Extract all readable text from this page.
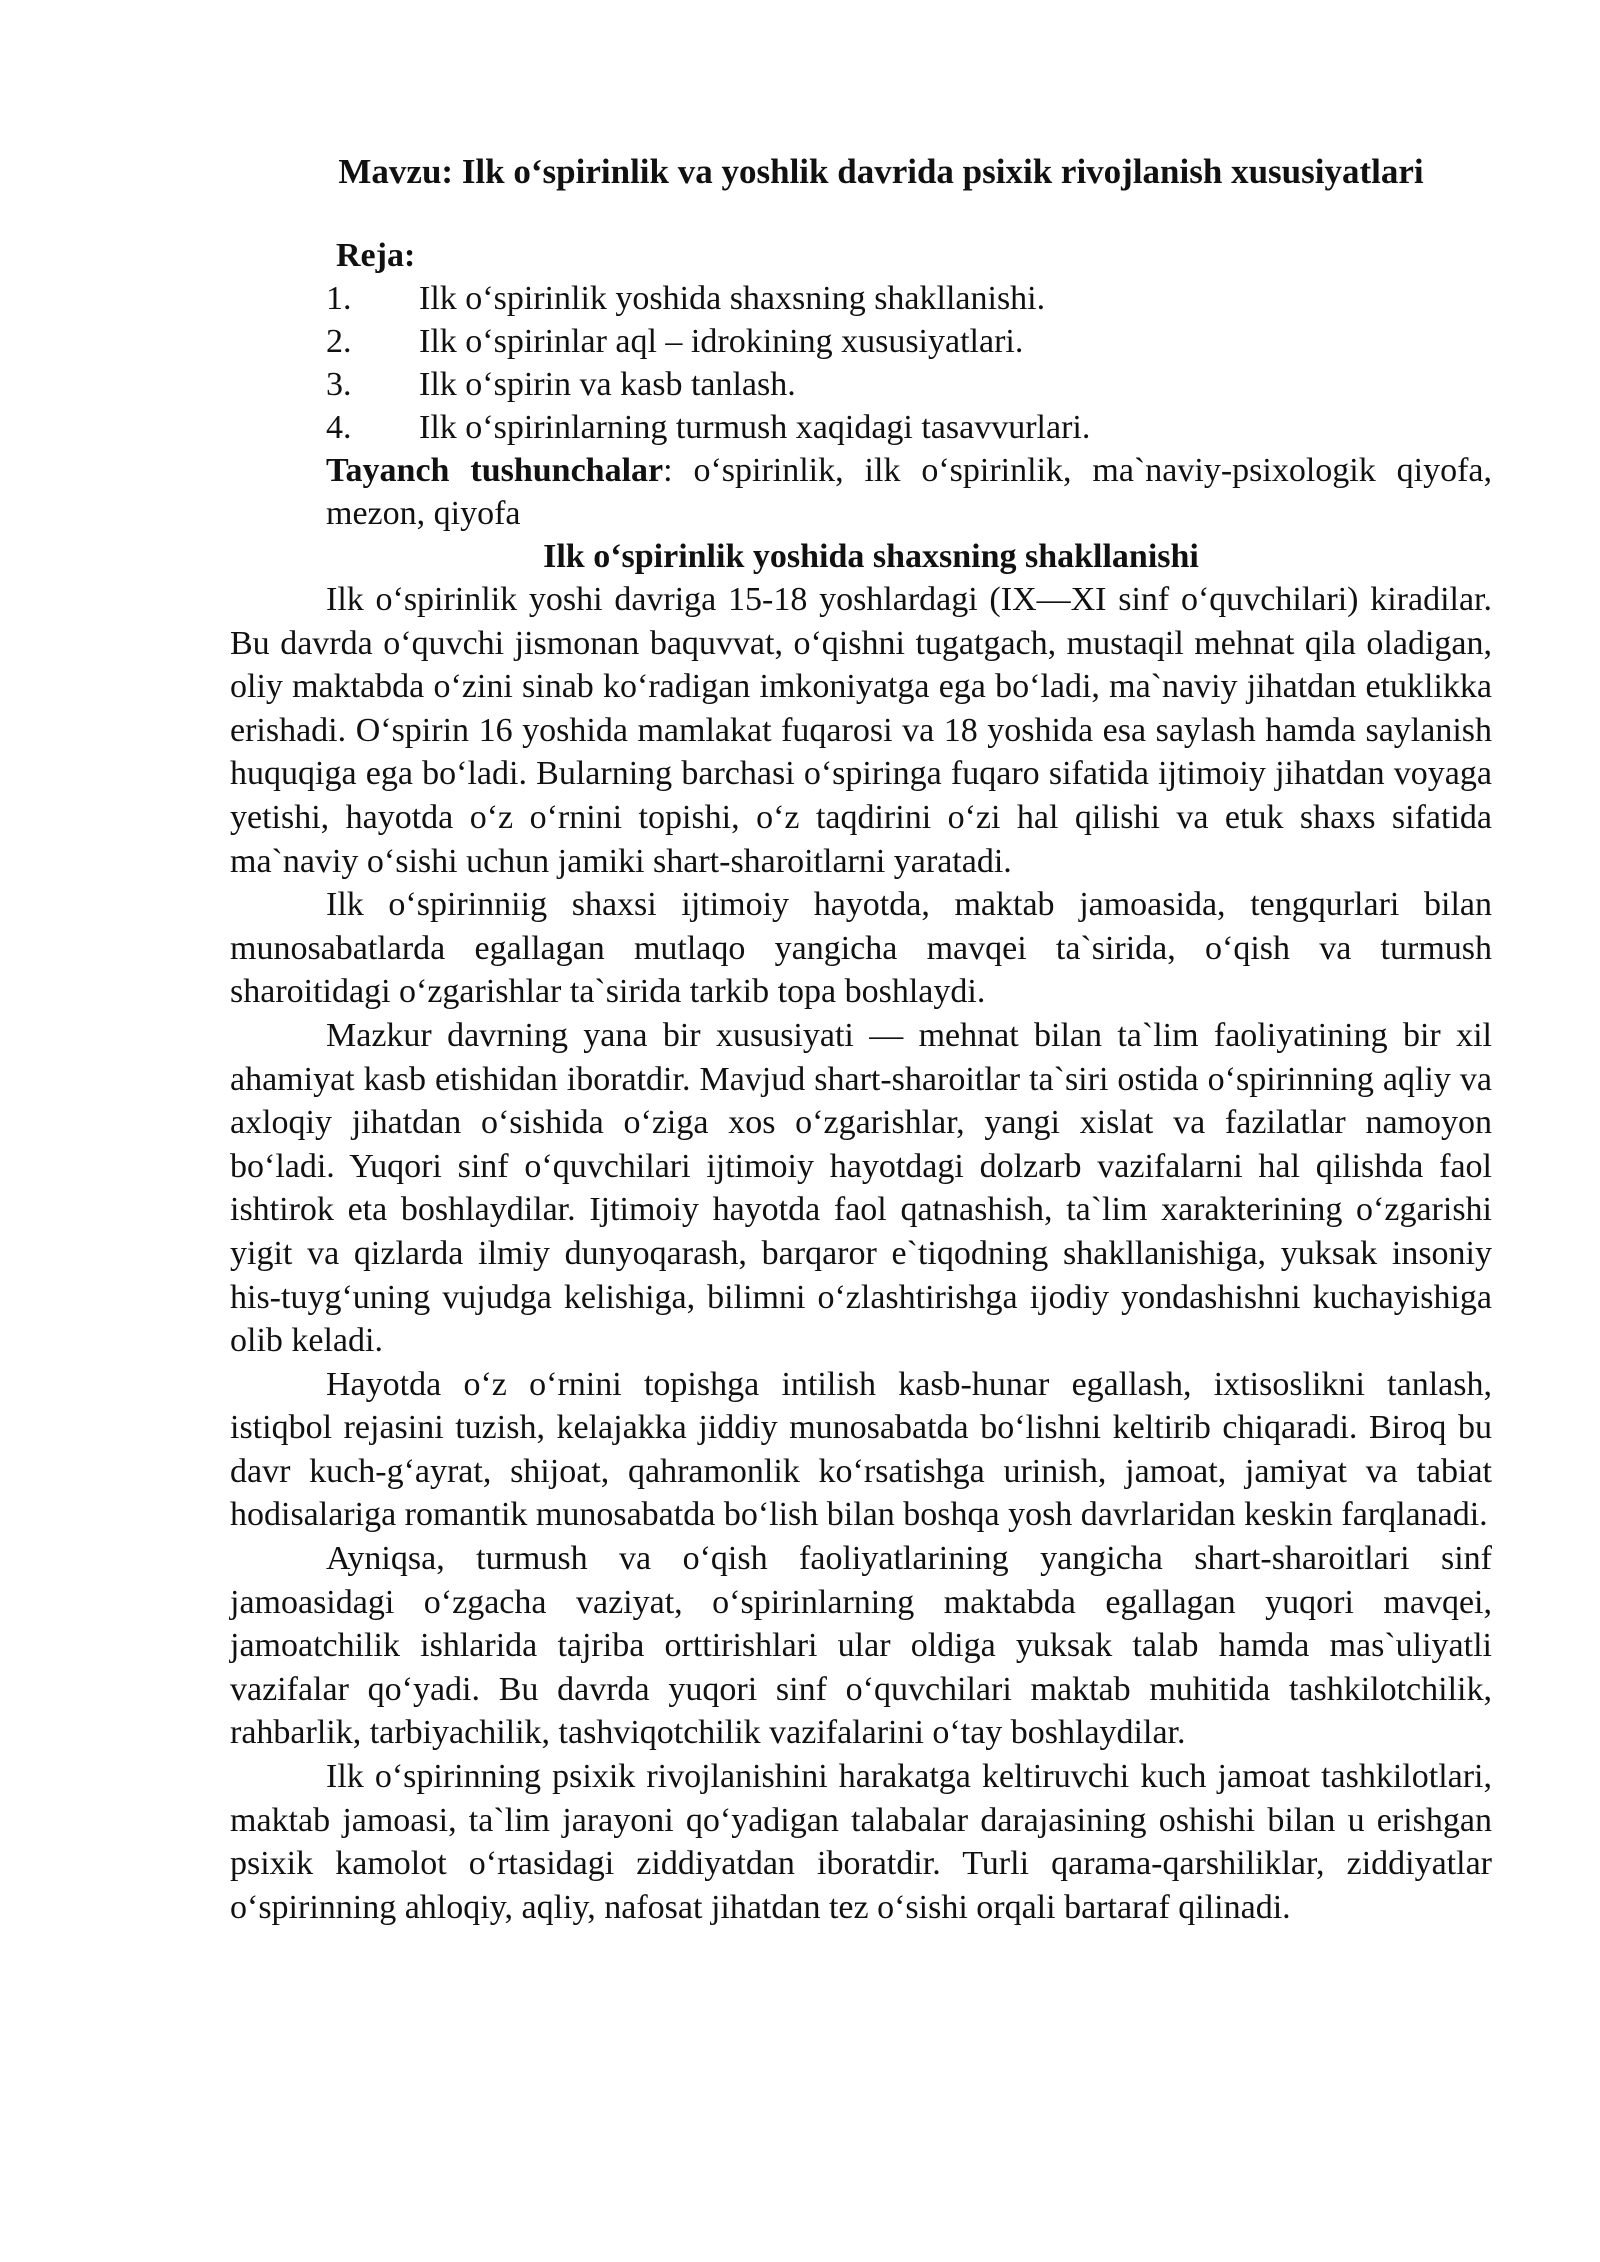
Mavzu: Ilk o‘spirinlik va yoshlik davrida psixik rivojlanish xususiyatlari
Reja:
1.	Ilk o‘spirinlik yoshida shaxsning shakllanishi.
2.	Ilk o‘spirinlar aql – idrokining xususiyatlari.
3.	Ilk o‘spirin va kasb tanlash.
4.	Ilk o‘spirinlarning turmush xaqidagi tasavvurlari.
Tayanch tushunchalar: o‘spirinlik, ilk o‘spirinlik, ma`naviy-psixologik qiyofa, mezon, qiyofa
Ilk o‘spirinlik yoshida shaxsning shakllanishi

Ilk o‘spirinlik yoshi davriga 15-18 yoshlardagi (IX—XI sinf o‘quvchilari) kiradilar. Bu davrda o‘quvchi jismonan baquvvat, o‘qishni tugatgach, mustaqil mehnat qila oladigan, oliy maktabda o‘zini sinab ko‘radigan imkoniyatga ega bo‘ladi, ma`naviy jihatdan etuklikka erishadi. O‘spirin 16 yoshida mamlakat fuqarosi va 18 yoshida esa saylash hamda saylanish huquqiga ega bo‘ladi. Bularning barchasi o‘spiringa fuqaro sifatida ijtimoiy jihatdan voyaga yetishi, hayotda o‘z o‘rnini topishi, o‘z taqdirini o‘zi hal qilishi va etuk shaxs sifatida ma`naviy o‘sishi uchun jamiki shart-sharoitlarni yaratadi.

Ilk o‘spirinniig shaxsi ijtimoiy hayotda, maktab jamoasida, tengqurlari bilan munosabatlarda egallagan mutlaqo yangicha mavqei ta`sirida, o‘qish va turmush sharoitidagi o‘zgarishlar ta`sirida tarkib topa boshlaydi.

Mazkur davrning yana bir xususiyati — mehnat bilan ta`lim faoliyatining bir xil ahamiyat kasb etishidan iboratdir. Mavjud shart-sharoitlar ta`siri ostida o‘spirinning aqliy va axloqiy jihatdan o‘sishida o‘ziga xos o‘zgarishlar, yangi xislat va fazilatlar namoyon bo‘ladi. Yuqori sinf o‘quvchilari ijtimoiy hayotdagi dolzarb vazifalarni hal qilishda faol ishtirok eta boshlaydilar. Ijtimoiy hayotda faol qatnashish, ta`lim xarakterining o‘zgarishi yigit va qizlarda ilmiy dunyoqarash, barqaror e`tiqodning shakllanishiga, yuksak insoniy his-tuyg‘uning vujudga kelishiga, bilimni o‘zlashtirishga ijodiy yondashishni kuchayishiga olib keladi.

Hayotda o‘z o‘rnini topishga intilish kasb-hunar egallash, ixtisoslikni tanlash, istiqbol rejasini tuzish, kelajakka jiddiy munosabatda bo‘lishni keltirib chiqaradi. Biroq bu davr kuch-g‘ayrat, shijoat, qahramonlik ko‘rsatishga urinish, jamoat, jamiyat va tabiat hodisalariga romantik munosabatda bo‘lish bilan boshqa yosh davrlaridan keskin farqlanadi.

Ayniqsa, turmush va o‘qish faoliyatlarining yangicha shart-sharoitlari sinf jamoasidagi o‘zgacha vaziyat, o‘spirinlarning maktabda egallagan yuqori mavqei, jamoatchilik ishlarida tajriba orttirishlari ular oldiga yuksak talab hamda mas`uliyatli vazifalar qo‘yadi. Bu davrda yuqori sinf o‘quvchilari maktab muhitida tashkilotchilik, rahbarlik, tarbiyachilik, tashviqotchilik vazifalarini o‘tay boshlaydilar.

Ilk o‘spirinning psixik rivojlanishini harakatga keltiruvchi kuch jamoat tashkilotlari, maktab jamoasi, ta`lim jarayoni qo‘yadigan talabalar darajasining oshishi bilan u erishgan psixik kamolot o‘rtasidagi ziddiyatdan iboratdir. Turli qarama-qarshiliklar, ziddiyatlar o‘spirinning ahloqiy, aqliy, nafosat jihatdan tez o‘sishi orqali bartaraf qilinadi.
